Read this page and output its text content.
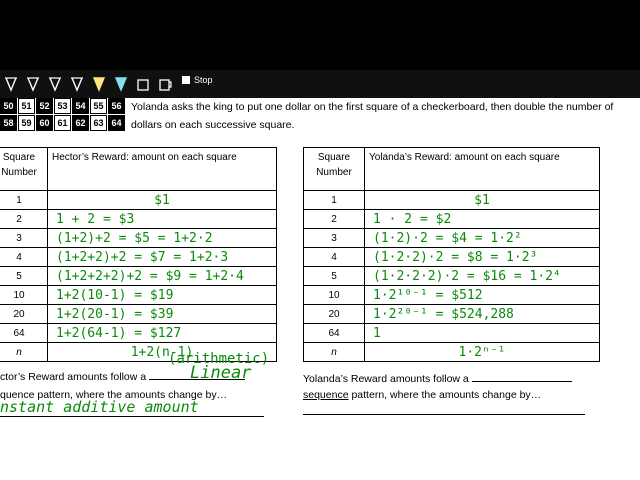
Stop
50 51 52 53 54 55 56
58 59 60 61 62 63 64
Yolanda asks the king to put one dollar on the first square of a checkerboard, then double the number of dollars on each successive square.
Square Number	Hector’s Reward: amount on each square
1	$1
2	1 + 2 = $3
3	(1+2)+2 = $5 = 1+2·2
4	(1+2+2)+2 = $7 = 1+2·3
5	(1+2+2+2)+2 = $9 = 1+2·4
10	1+2(10-1) = $19
20	1+2(20-1) = $39
64	1+2(64-1) = $127
n	1+2(n-1)
Square Number	Yolanda’s Reward: amount on each square
1	$1
2	1 · 2 = $2
3	(1·2)·2 = $4 = 1·2²
4	(1·2·2)·2 = $8 = 1·2³
5	(1·2·2·2)·2 = $16 = 1·2⁴
10	1·2¹⁰⁻¹ = $512
20	1·2²⁰⁻¹ = $524,288
64	1
n	1·2ⁿ⁻¹
(arithmetic)
ctor’s Reward amounts follow a	Linear
quence pattern, where the amounts change by…
nstant additive amount
Yolanda’s Reward amounts follow a
sequence pattern, where the amounts change by…
